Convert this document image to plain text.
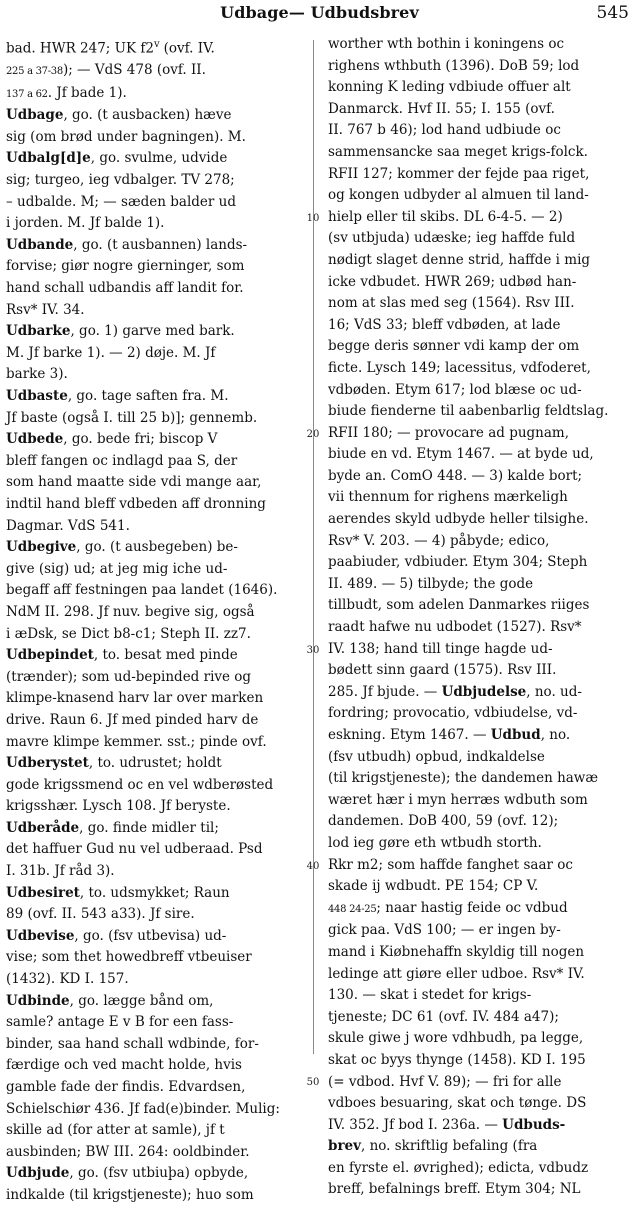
Udbage— Udbudsbrev	545
10
20
30
40
50
bad. HWR 247; UK f2$^v$ (ovf. IV.
225 a 37-38); — VdS 478 (ovf. II.
137 a 62. Jf bade 1).
Udbage, go. (t ausbacken) hæve
sig (om brød under bagningen). M.
Udbalg[d]e, go. svulme, udvide
sig; turgeo, ieg vdbalger. TV 278;
– udbalde. M; — sæden balder ud
i jorden. M. Jf balde 1).
Udbande, go. (t ausbannen) lands-
forvise; giør nogre gierninger, som
hand schall udbandis aff landit for.
Rsv* IV. 34.
Udbarke, go. 1) garve med bark.
M. Jf barke 1). — 2) døje. M. Jf
barke 3).
Udbaste, go. tage saften fra. M.
Jf baste (også I. till 25 b)]; gennemb.
Udbede, go. bede fri; biscop V
bleff fangen oc indlagd paa S, der
som hand maatte side vdi mange aar,
indtil hand bleff vdbeden aff dronning
Dagmar. VdS 541.
Udbegive, go. (t ausbegeben) be-
give (sig) ud; at jeg mig iche ud-
begaff aff festningen paa landet (1646).
NdM II. 298. Jf nuv. begive sig, også
i æDsk, se Dict b8-c1; Steph II. zz7.
Udbepindet, to. besat med pinde
(trænder); som ud-bepinded rive og
klimpe-knasend harv lar over marken
drive. Raun 6. Jf med pinded harv de
mavre klimpe kemmer. sst.; pinde ovf.
Udberystet, to. udrustet; holdt
gode krigssmend oc en vel wdberøsted
krigsshær. Lysch 108. Jf beryste.
Udberåde, go. finde midler til;
det haffuer Gud nu vel udberaad. Psd
I. 31b. Jf råd 3).
Udbesiret, to. udsmykket; Raun
89 (ovf. II. 543 a33). Jf sire.
Udbevise, go. (fsv utbevisa) ud-
vise; som thet howedbreff vtbeuiser
(1432). KD I. 157.
Udbinde, go. lægge bånd om,
samle? antage E v B for een fass-
binder, saa hand schall wdbinde, for-
færdige och ved macht holde, hvis
gamble fade der findis. Edvardsen,
Schielschiør 436. Jf fad(e)binder. Mulig:
skille ad (for atter at samle), jf t
ausbinden; BW III. 264: ooldbinder.
Udbjude, go. (fsv utbiuþa) opbyde,
indkalde (til krigstjeneste); huo som
worther wth bothin i koningens oc
righens wthbuth (1396). DoB 59; lod
konning K leding vdbiude offuer alt
Danmarck. Hvf II. 55; I. 155 (ovf.
II. 767 b 46); lod hand udbiude oc
sammensancke saa meget krigs-folck.
RFII 127; kommer der fejde paa riget,
og kongen udbyder al almuen til land-
hielp eller til skibs. DL 6-4-5. — 2)
(sv utbjuda) udæske; ieg haffde fuld
nødigt slaget denne strid, haffde i mig
icke vdbudet. HWR 269; udbød han-
nom at slas med seg (1564). Rsv III.
16; VdS 33; bleff vdbøden, at lade
begge deris sønner vdi kamp der om
ficte. Lysch 149; lacessitus, vdfoderet,
vdbøden. Etym 617; lod blæse oc ud-
biude fienderne til aabenbarlig feldtslag.
RFII 180; — provocare ad pugnam,
biude en vd. Etym 1467. — at byde ud,
byde an. ComO 448. — 3) kalde bort;
vii thennum for righens mærkeligh
aerendes skyld udbyde heller tilsighe.
Rsv* V. 203. — 4) påbyde; edico,
paabiuder, vdbiuder. Etym 304; Steph
II. 489. — 5) tilbyde; the gode
tillbudt, som adelen Danmarkes riiges
raadt hafwe nu udbodet (1527). Rsv*
IV. 138; hand till tinge hagde ud-
bødett sinn gaard (1575). Rsv III.
285. Jf bjude. — Udbjudelse, no. ud-
fordring; provocatio, vdbiudelse, vd-
eskning. Etym 1467. — Udbud, no.
(fsv utbudh) opbud, indkaldelse
(til krigstjeneste); the dandemen hawæ
wæret hær i myn herræs wdbuth som
dandemen. DoB 400, 59 (ovf. 12);
lod ieg gøre eth wtbudh storth.
Rkr m2; som haffde fanghet saar oc
skade ij wdbudt. PE 154; CP V.
448 24-25; naar hastig feide oc vdbud
gick paa. VdS 100; — er ingen by-
mand i Kiøbnehaffn skyldig till nogen
ledinge att giøre eller udboe. Rsv* IV.
130. — skat i stedet for krigs-
tjeneste; DC 61 (ovf. IV. 484 a47);
skule giwe j wore vdhbudh, pa legge,
skat oc byys thynge (1458). KD I. 195
(= vdbod. Hvf V. 89); — fri for alle
vdboes besuaring, skat och tønge. DS
IV. 352. Jf bod I. 236a. — Udbuds-
brev, no. skriftlig befaling (fra
en fyrste el. øvrighed); edicta, vdbudz
breff, befalnings breff. Etym 304; NL
